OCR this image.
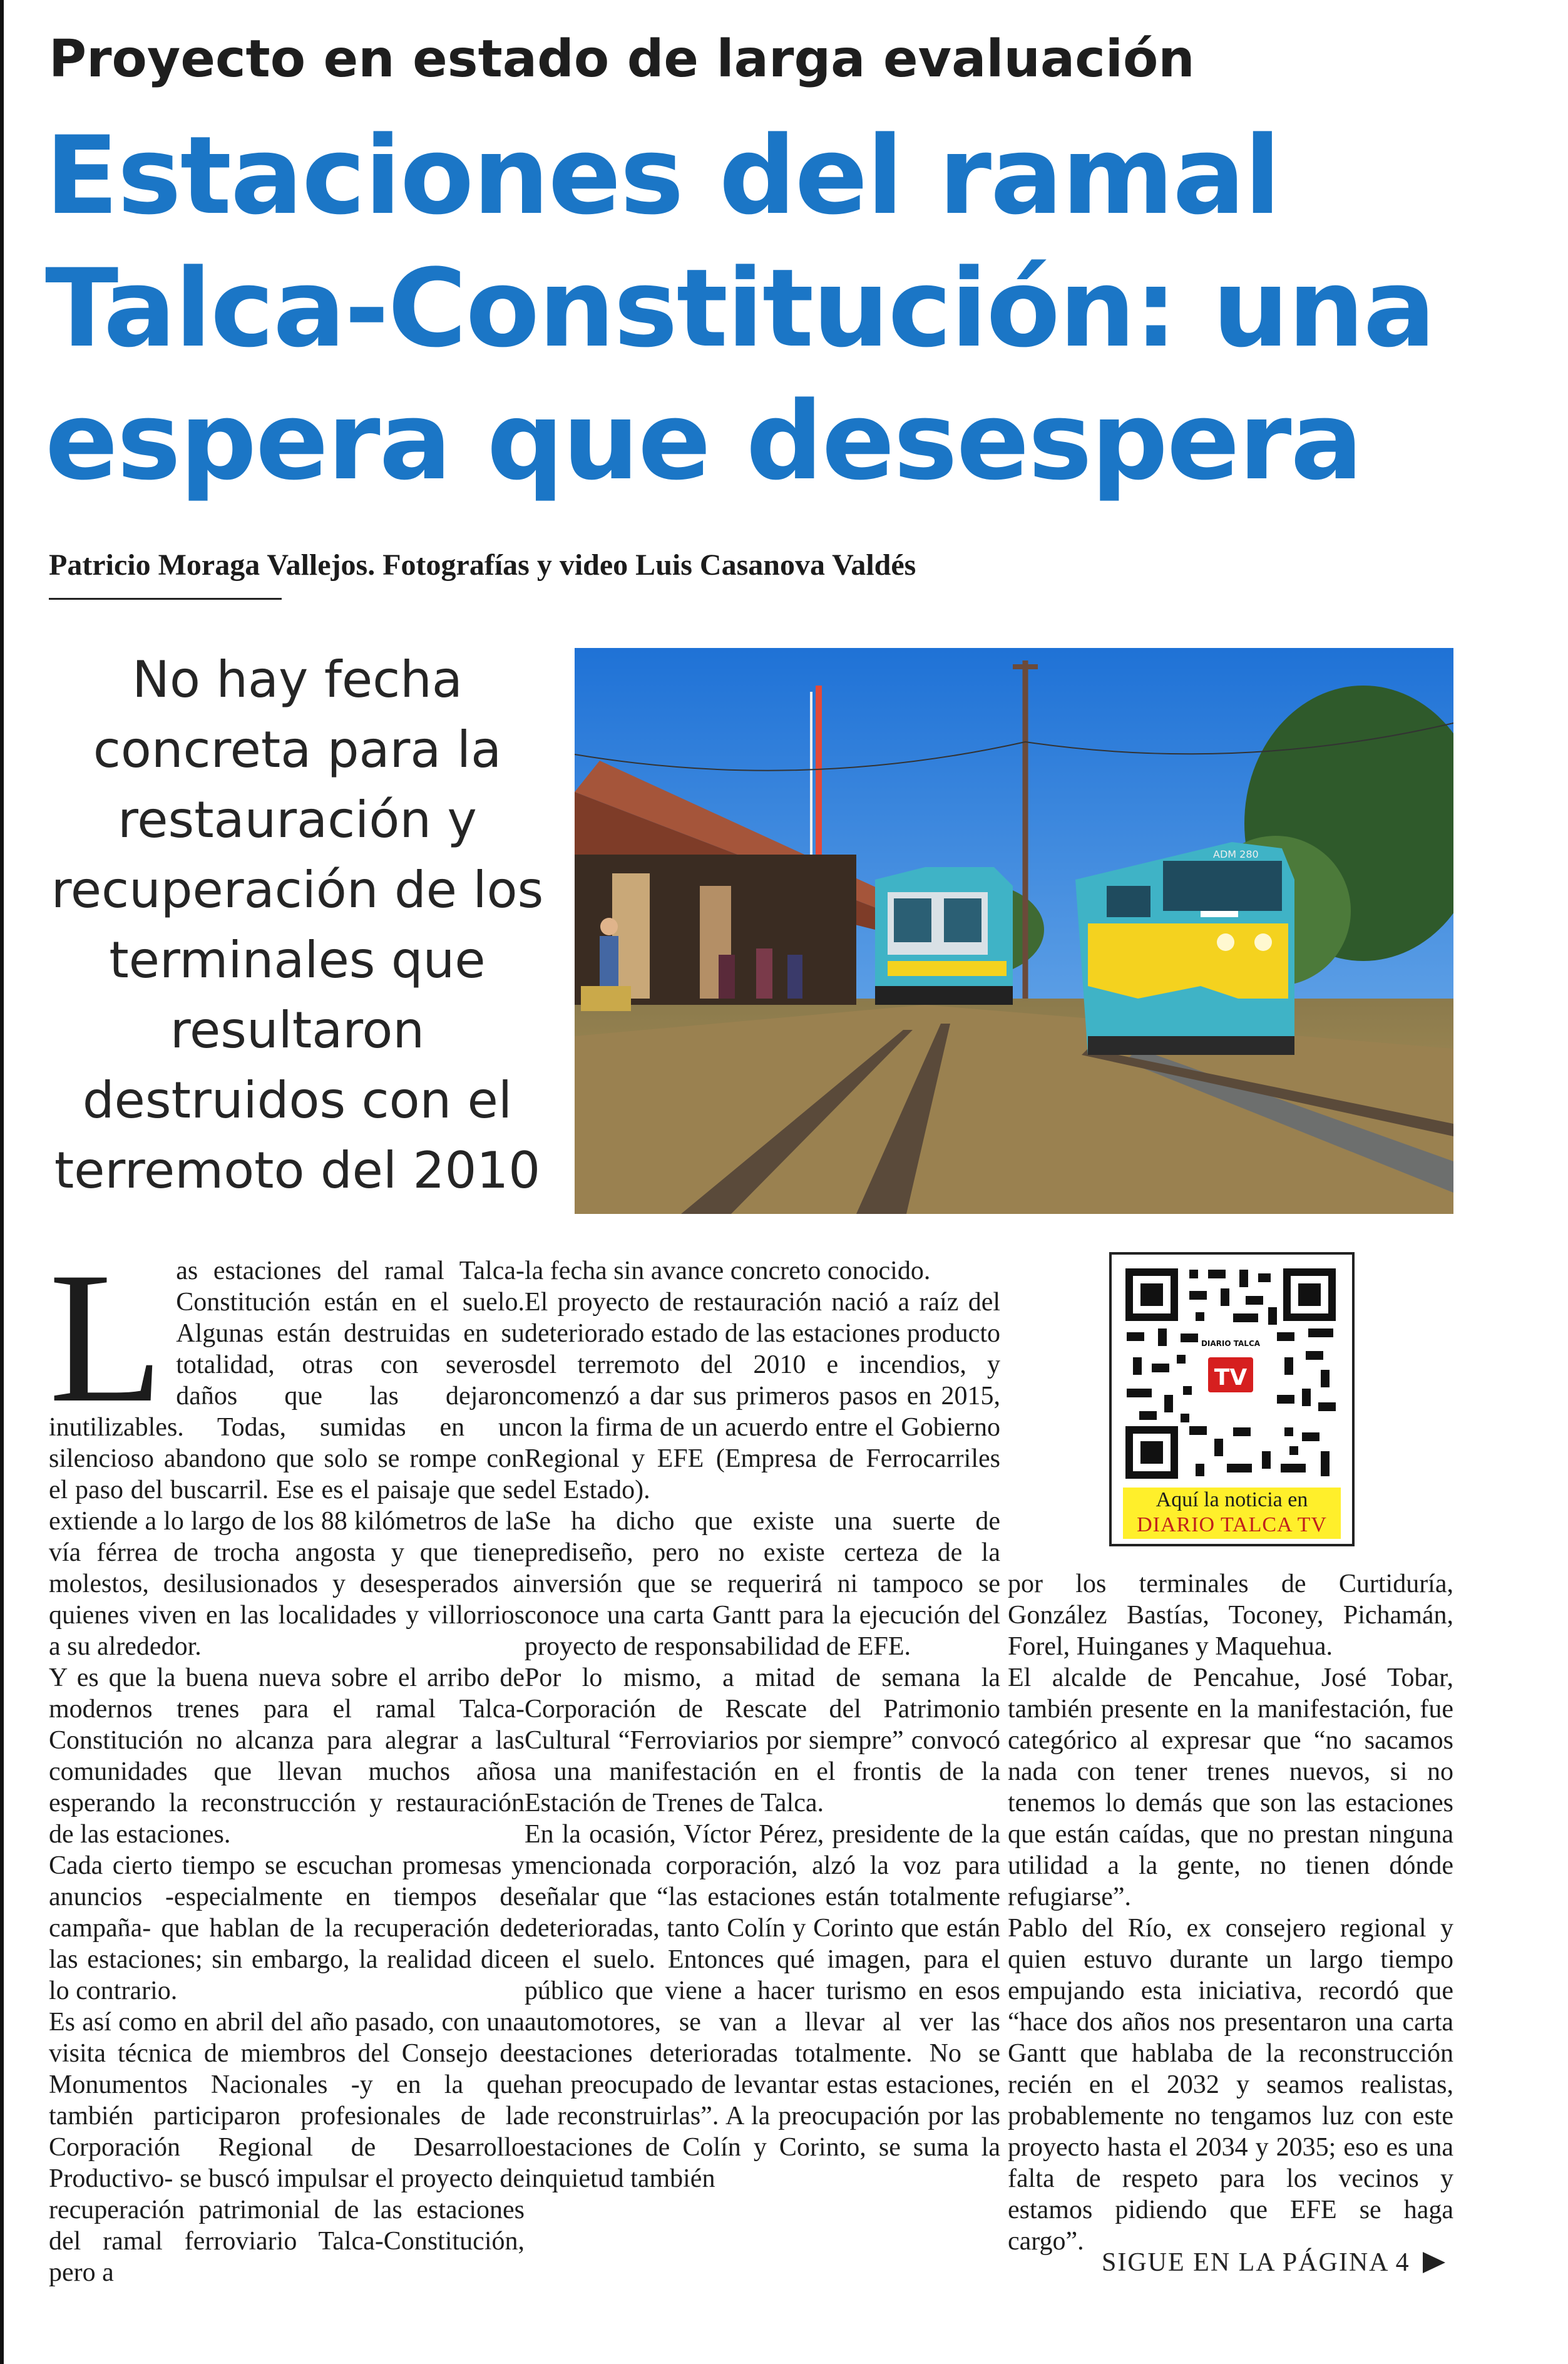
Proyecto en estado de larga evaluación
Estaciones del ramal Talca-Constitución: una espera que desespera
Patricio Moraga Vallejos. Fotografías y video Luis Casanova Valdés
No hay fecha concreta para la restauración y recuperación de los terminales que resultaron destruidos con el terremoto del 2010
ADM 280
L as estaciones del ramal Talca-Constitución están en el suelo. Algunas están destruidas en su totalidad, otras con severos daños que las dejaron inutilizables. Todas, sumidas en un silencioso abandono que solo se rompe con el paso del buscarril. Ese es el paisaje que se extiende a lo largo de los 88 kilómetros de la vía férrea de trocha angosta y que tiene molestos, desilusionados y desesperados a quienes viven en las localidades y villorrios a su alrededor.

Y es que la buena nueva sobre el arribo de modernos trenes para el ramal Talca-Constitución no alcanza para alegrar a las comunidades que llevan muchos años esperando la reconstrucción y restauración de las estaciones.

Cada cierto tiempo se escuchan promesas y anuncios -especialmente en tiempos de campaña- que hablan de la recuperación de las estaciones; sin embargo, la realidad dice lo contrario.

Es así como en abril del año pasado, con una visita técnica de miembros del Consejo de Monumentos Nacionales -y en la que también participaron profesionales de la Corporación Regional de Desarrollo Productivo- se buscó impulsar el proyecto de recuperación patrimonial de las estaciones del ramal ferroviario Talca-Constitución, pero a

la fecha sin avance concreto conocido.

El proyecto de restauración nació a raíz del deteriorado estado de las estaciones producto del terremoto del 2010 e incendios, y comenzó a dar sus primeros pasos en 2015, con la firma de un acuerdo entre el Gobierno Regional y EFE (Empresa de Ferrocarriles del Estado).

Se ha dicho que existe una suerte de prediseño, pero no existe certeza de la inversión que se requerirá ni tampoco se conoce una carta Gantt para la ejecución del proyecto de responsabilidad de EFE.

Por lo mismo, a mitad de semana la Corporación de Rescate del Patrimonio Cultural “Ferroviarios por siempre” convocó a una manifestación en el frontis de la Estación de Trenes de Talca.

En la ocasión, Víctor Pérez, presidente de la mencionada corporación, alzó la voz para señalar que “las estaciones están totalmente deterioradas, tanto Colín y Corinto que están en el suelo. Entonces qué imagen, para el público que viene a hacer turismo en esos automotores, se van a llevar al ver las estaciones deterioradas totalmente. No se han preocupado de levantar estas estaciones, de reconstruirlas”. A la preocupación por las estaciones de Colín y Corinto, se suma la inquietud también

DIARIO TALCA
TV
Aquí la noticia en
DIARIO TALCA TV

por los terminales de Curtiduría, González Bastías, Toconey, Pichamán, Forel, Huinganes y Maquehua.

El alcalde de Pencahue, José Tobar, también presente en la manifestación, fue categórico al expresar que “no sacamos nada con tener trenes nuevos, si no tenemos lo demás que son las estaciones que están caídas, que no prestan ninguna utilidad a la gente, no tienen dónde refugiarse”.

Pablo del Río, ex consejero regional y quien estuvo durante un largo tiempo empujando esta iniciativa, recordó que “hace dos años nos presentaron una carta Gantt que hablaba de la reconstrucción recién en el 2032 y seamos realistas, probablemente no tengamos luz con este proyecto hasta el 2034 y 2035; eso es una falta de respeto para los vecinos y estamos pidiendo que EFE se haga cargo”.

SIGUE EN LA PÁGINA 4
